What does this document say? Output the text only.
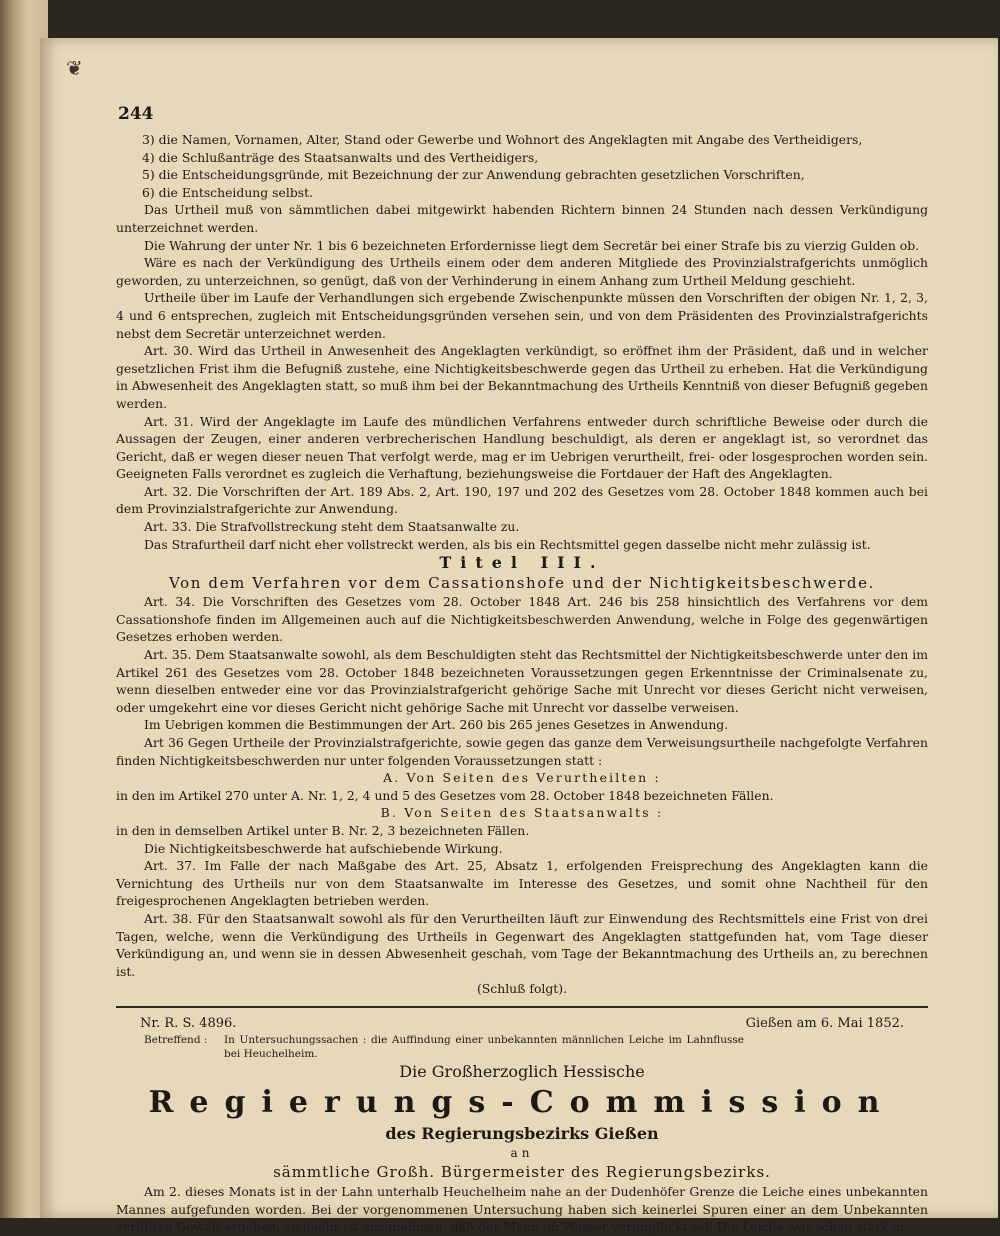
❦
244

3) die Namen, Vornamen, Alter, Stand oder Gewerbe und Wohnort des Angeklagten mit Angabe des Vertheidigers,

4) die Schlußanträge des Staatsanwalts und des Vertheidigers,

5) die Entscheidungsgründe, mit Bezeichnung der zur Anwendung gebrachten gesetzlichen Vorschriften,

6) die Entscheidung selbst.

Das Urtheil muß von sämmtlichen dabei mitgewirkt habenden Richtern binnen 24 Stunden nach dessen Verkündigung unterzeichnet werden.

Die Wahrung der unter Nr. 1 bis 6 bezeichneten Erfordernisse liegt dem Secretär bei einer Strafe bis zu vierzig Gulden ob.

Wäre es nach der Verkündigung des Urtheils einem oder dem anderen Mitgliede des Provinzialstrafgerichts unmöglich geworden, zu unterzeichnen, so genügt, daß von der Verhinderung in einem Anhang zum Urtheil Meldung geschieht.

Urtheile über im Laufe der Verhandlungen sich ergebende Zwischenpunkte müssen den Vorschriften der obigen Nr. 1, 2, 3, 4 und 6 entsprechen, zugleich mit Entscheidungsgründen versehen sein, und von dem Präsidenten des Provinzialstrafgerichts nebst dem Secretär unterzeichnet werden.

Art. 30. Wird das Urtheil in Anwesenheit des Angeklagten verkündigt, so eröffnet ihm der Präsident, daß und in welcher gesetzlichen Frist ihm die Befugniß zustehe, eine Nichtigkeitsbeschwerde gegen das Urtheil zu erheben. Hat die Verkündigung in Abwesenheit des Angeklagten statt, so muß ihm bei der Bekanntmachung des Urtheils Kenntniß von dieser Befugniß gegeben werden.

Art. 31. Wird der Angeklagte im Laufe des mündlichen Verfahrens entweder durch schriftliche Beweise oder durch die Aussagen der Zeugen, einer anderen verbrecherischen Handlung beschuldigt, als deren er angeklagt ist, so verordnet das Gericht, daß er wegen dieser neuen That verfolgt werde, mag er im Uebrigen verurtheilt, frei- oder losgesprochen worden sein. Geeigneten Falls verordnet es zugleich die Verhaftung, beziehungsweise die Fortdauer der Haft des Angeklagten.

Art. 32. Die Vorschriften der Art. 189 Abs. 2, Art. 190, 197 und 202 des Gesetzes vom 28. October 1848 kommen auch bei dem Provinzialstrafgerichte zur Anwendung.

Art. 33. Die Strafvollstreckung steht dem Staatsanwalte zu.

Das Strafurtheil darf nicht eher vollstreckt werden, als bis ein Rechtsmittel gegen dasselbe nicht mehr zulässig ist.

Titel III.

Von dem Verfahren vor dem Cassationshofe und der Nichtigkeitsbeschwerde.

Art. 34. Die Vorschriften des Gesetzes vom 28. October 1848 Art. 246 bis 258 hinsichtlich des Verfahrens vor dem Cassationshofe finden im Allgemeinen auch auf die Nichtigkeitsbeschwerden Anwendung, welche in Folge des gegenwärtigen Gesetzes erhoben werden.

Art. 35. Dem Staatsanwalte sowohl, als dem Beschuldigten steht das Rechtsmittel der Nichtigkeitsbeschwerde unter den im Artikel 261 des Gesetzes vom 28. October 1848 bezeichneten Voraussetzungen gegen Erkenntnisse der Criminalsenate zu, wenn dieselben entweder eine vor das Provinzialstrafgericht gehörige Sache mit Unrecht vor dieses Gericht nicht verweisen, oder umgekehrt eine vor dieses Gericht nicht gehörige Sache mit Unrecht vor dasselbe verweisen.

Im Uebrigen kommen die Bestimmungen der Art. 260 bis 265 jenes Gesetzes in Anwendung.

Art 36 Gegen Urtheile der Provinzialstrafgerichte, sowie gegen das ganze dem Verweisungsurtheile nachgefolgte Verfahren finden Nichtigkeitsbeschwerden nur unter folgenden Voraussetzungen statt :

A. Von Seiten des Verurtheilten :

in den im Artikel 270 unter A. Nr. 1, 2, 4 und 5 des Gesetzes vom 28. October 1848 bezeichneten Fällen.

B. Von Seiten des Staatsanwalts :

in den in demselben Artikel unter B. Nr. 2, 3 bezeichneten Fällen.

Die Nichtigkeitsbeschwerde hat aufschiebende Wirkung.

Art. 37. Im Falle der nach Maßgabe des Art. 25, Absatz 1, erfolgenden Freisprechung des Angeklagten kann die Vernichtung des Urtheils nur von dem Staatsanwalte im Interesse des Gesetzes, und somit ohne Nachtheil für den freigesprochenen Angeklagten betrieben werden.

Art. 38. Für den Staatsanwalt sowohl als für den Verurtheilten läuft zur Einwendung des Rechtsmittels eine Frist von drei Tagen, welche, wenn die Verkündigung des Urtheils in Gegenwart des Angeklagten stattgefunden hat, vom Tage dieser Verkündigung an, und wenn sie in dessen Abwesenheit geschah, vom Tage der Bekanntmachung des Urtheils an, zu berechnen ist.

(Schluß folgt).

Nr. R. S. 4896.	Gießen am 6. Mai 1852.
Betreffend : In Untersuchungssachen : die Auffindung einer unbekannten männlichen Leiche im Lahnflusse bei Heuchelheim.

Die Großherzoglich Hessische

Regierungs-Commission

des Regierungsbezirks Gießen

an

sämmtliche Großh. Bürgermeister des Regierungsbezirks.

Am 2. dieses Monats ist in der Lahn unterhalb Heuchelheim nahe an der Dudenhöfer Grenze die Leiche eines unbekannten Mannes aufgefunden worden. Bei der vorgenommenen Untersuchung haben sich keinerlei Spuren einer an dem Unbekannten verübten Gewalt ergeben, vielmehr ist anzunehmen, daß der Mann im Wasser verunglückt sei. Die Leiche war schon stark in
